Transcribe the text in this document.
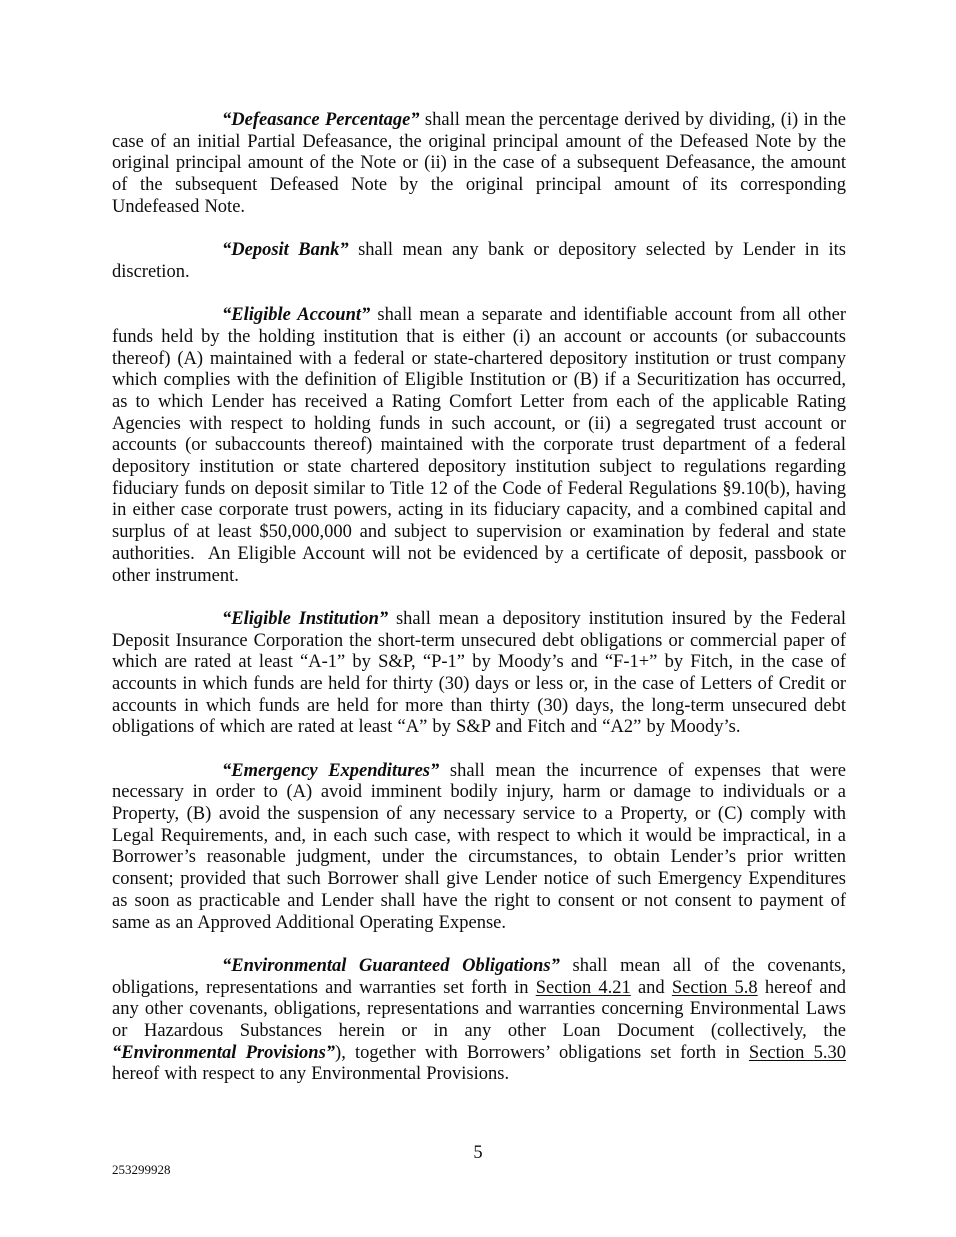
“Defeasance Percentage” shall mean the percentage derived by dividing, (i) in the case of an initial Partial Defeasance, the original principal amount of the Defeased Note by the original principal amount of the Note or (ii) in the case of a subsequent Defeasance, the amount of the subsequent Defeased Note by the original principal amount of its corresponding Undefeased Note.

“Deposit Bank” shall mean any bank or depository selected by Lender in its discretion.

“Eligible Account” shall mean a separate and identifiable account from all other funds held by the holding institution that is either (i) an account or accounts (or subaccounts thereof) (A) maintained with a federal or state-chartered depository institution or trust company which complies with the definition of Eligible Institution or (B) if a Securitization has occurred, as to which Lender has received a Rating Comfort Letter from each of the applicable Rating Agencies with respect to holding funds in such account, or (ii) a segregated trust account or accounts (or subaccounts thereof) maintained with the corporate trust department of a federal depository institution or state chartered depository institution subject to regulations regarding fiduciary funds on deposit similar to Title 12 of the Code of Federal Regulations §9.10(b), having in either case corporate trust powers, acting in its fiduciary capacity, and a combined capital and surplus of at least $50,000,000 and subject to supervision or examination by federal and state authorities.  An Eligible Account will not be evidenced by a certificate of deposit, passbook or other instrument.

“Eligible Institution” shall mean a depository institution insured by the Federal Deposit Insurance Corporation the short-term unsecured debt obligations or commercial paper of which are rated at least “A-1” by S&P, “P-1” by Moody’s and “F-1+” by Fitch, in the case of accounts in which funds are held for thirty (30) days or less or, in the case of Letters of Credit or accounts in which funds are held for more than thirty (30) days, the long-term unsecured debt obligations of which are rated at least “A” by S&P and Fitch and “A2” by Moody’s.

“Emergency Expenditures” shall mean the incurrence of expenses that were necessary in order to (A) avoid imminent bodily injury, harm or damage to individuals or a Property, (B) avoid the suspension of any necessary service to a Property, or (C) comply with Legal Requirements, and, in each such case, with respect to which it would be impractical, in a Borrower’s reasonable judgment, under the circumstances, to obtain Lender’s prior written consent; provided that such Borrower shall give Lender notice of such Emergency Expenditures as soon as practicable and Lender shall have the right to consent or not consent to payment of same as an Approved Additional Operating Expense.

“Environmental Guaranteed Obligations” shall mean all of the covenants, obligations, representations and warranties set forth in Section 4.21 and Section 5.8 hereof and any other covenants, obligations, representations and warranties concerning Environmental Laws or Hazardous Substances herein or in any other Loan Document (collectively, the “Environmental Provisions”), together with Borrowers’ obligations set forth in Section 5.30 hereof with respect to any Environmental Provisions.

5
253299928
